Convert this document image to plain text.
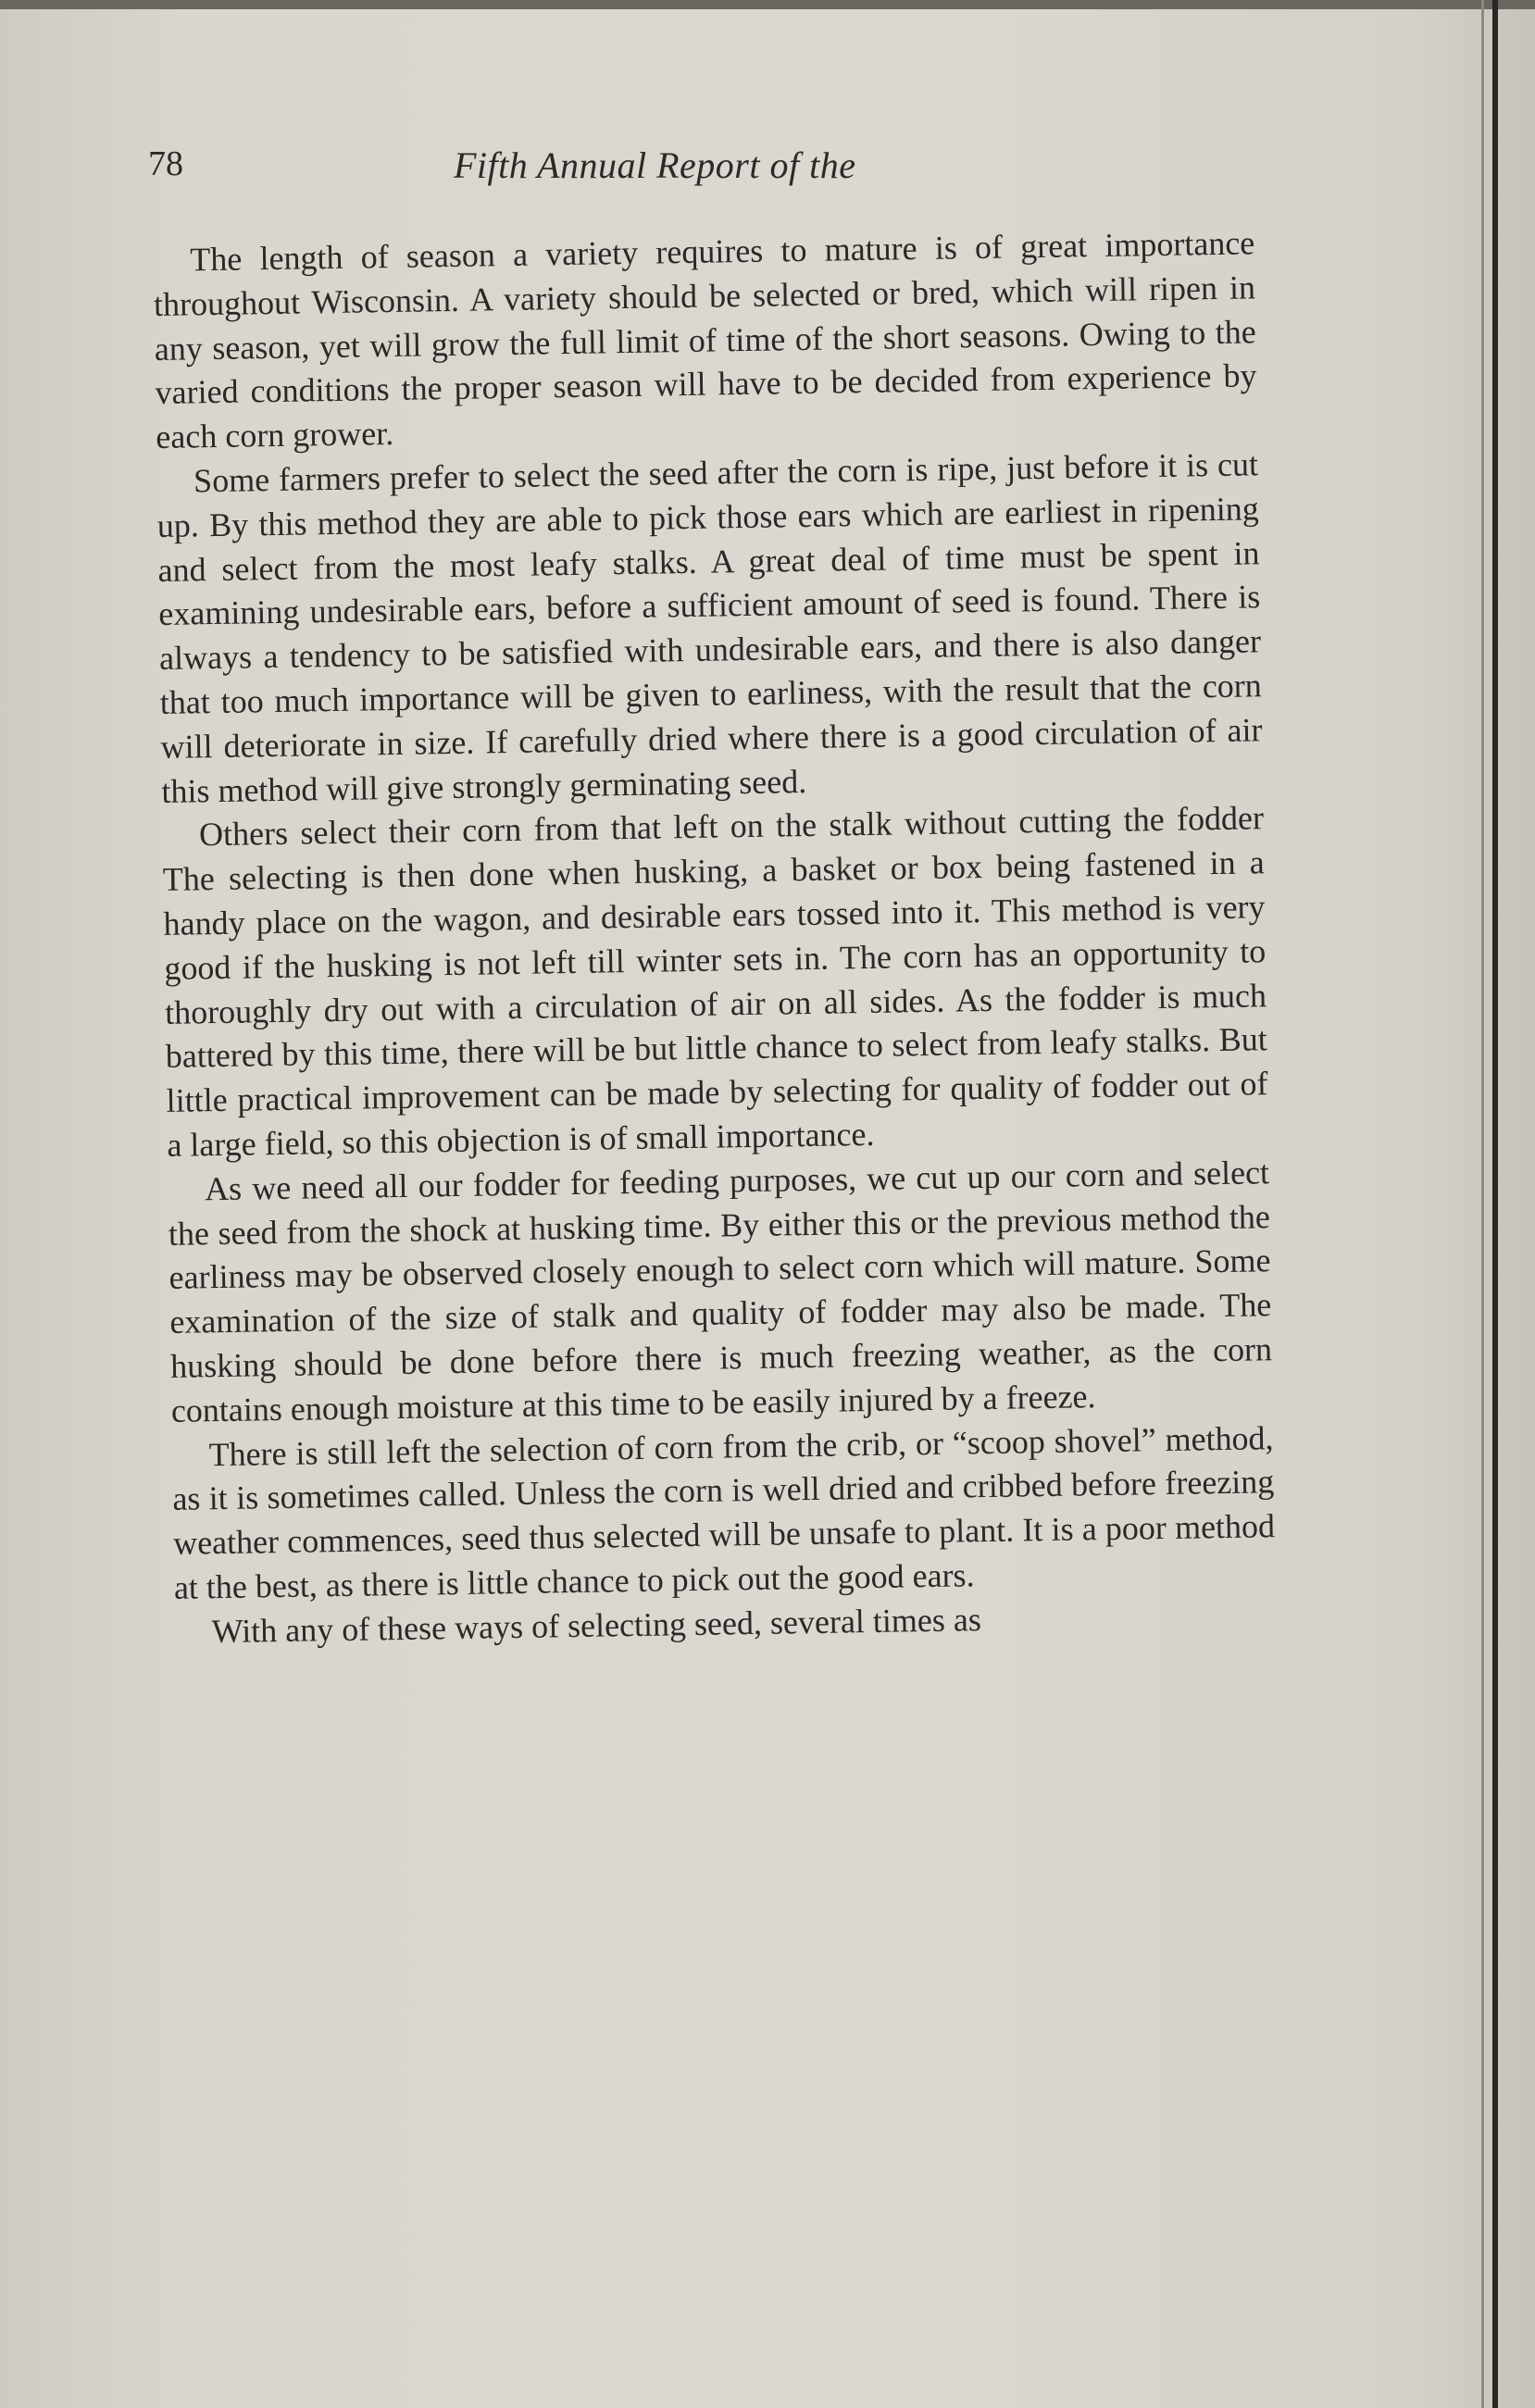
78	Fifth Annual Report of the

The length of season a variety requires to mature is of great importance throughout Wisconsin. A variety should be selected or bred, which will ripen in any season, yet will grow the full limit of time of the short seasons. Owing to the varied conditions the proper season will have to be decided from experience by each corn grower.

Some farmers prefer to select the seed after the corn is ripe, just before it is cut up. By this method they are able to pick those ears which are earliest in ripening and select from the most leafy stalks. A great deal of time must be spent in examining undesirable ears, before a sufficient amount of seed is found. There is always a tendency to be satisfied with undesirable ears, and there is also danger that too much importance will be given to earliness, with the result that the corn will deteriorate in size. If carefully dried where there is a good circulation of air this method will give strongly germinating seed.

Others select their corn from that left on the stalk without cutting the fodder The selecting is then done when husking, a basket or box being fastened in a handy place on the wagon, and desirable ears tossed into it. This method is very good if the husking is not left till winter sets in. The corn has an opportunity to thoroughly dry out with a circulation of air on all sides. As the fodder is much battered by this time, there will be but little chance to select from leafy stalks. But little practical improvement can be made by selecting for quality of fodder out of a large field, so this objection is of small importance.

As we need all our fodder for feeding purposes, we cut up our corn and select the seed from the shock at husking time. By either this or the previous method the earliness may be observed closely enough to select corn which will mature. Some examination of the size of stalk and quality of fodder may also be made. The husking should be done before there is much freezing weather, as the corn contains enough moisture at this time to be easily injured by a freeze.

There is still left the selection of corn from the crib, or “scoop shovel” method, as it is sometimes called. Unless the corn is well dried and cribbed before freezing weather commences, seed thus selected will be unsafe to plant. It is a poor method at the best, as there is little chance to pick out the good ears.

With any of these ways of selecting seed, several times as
